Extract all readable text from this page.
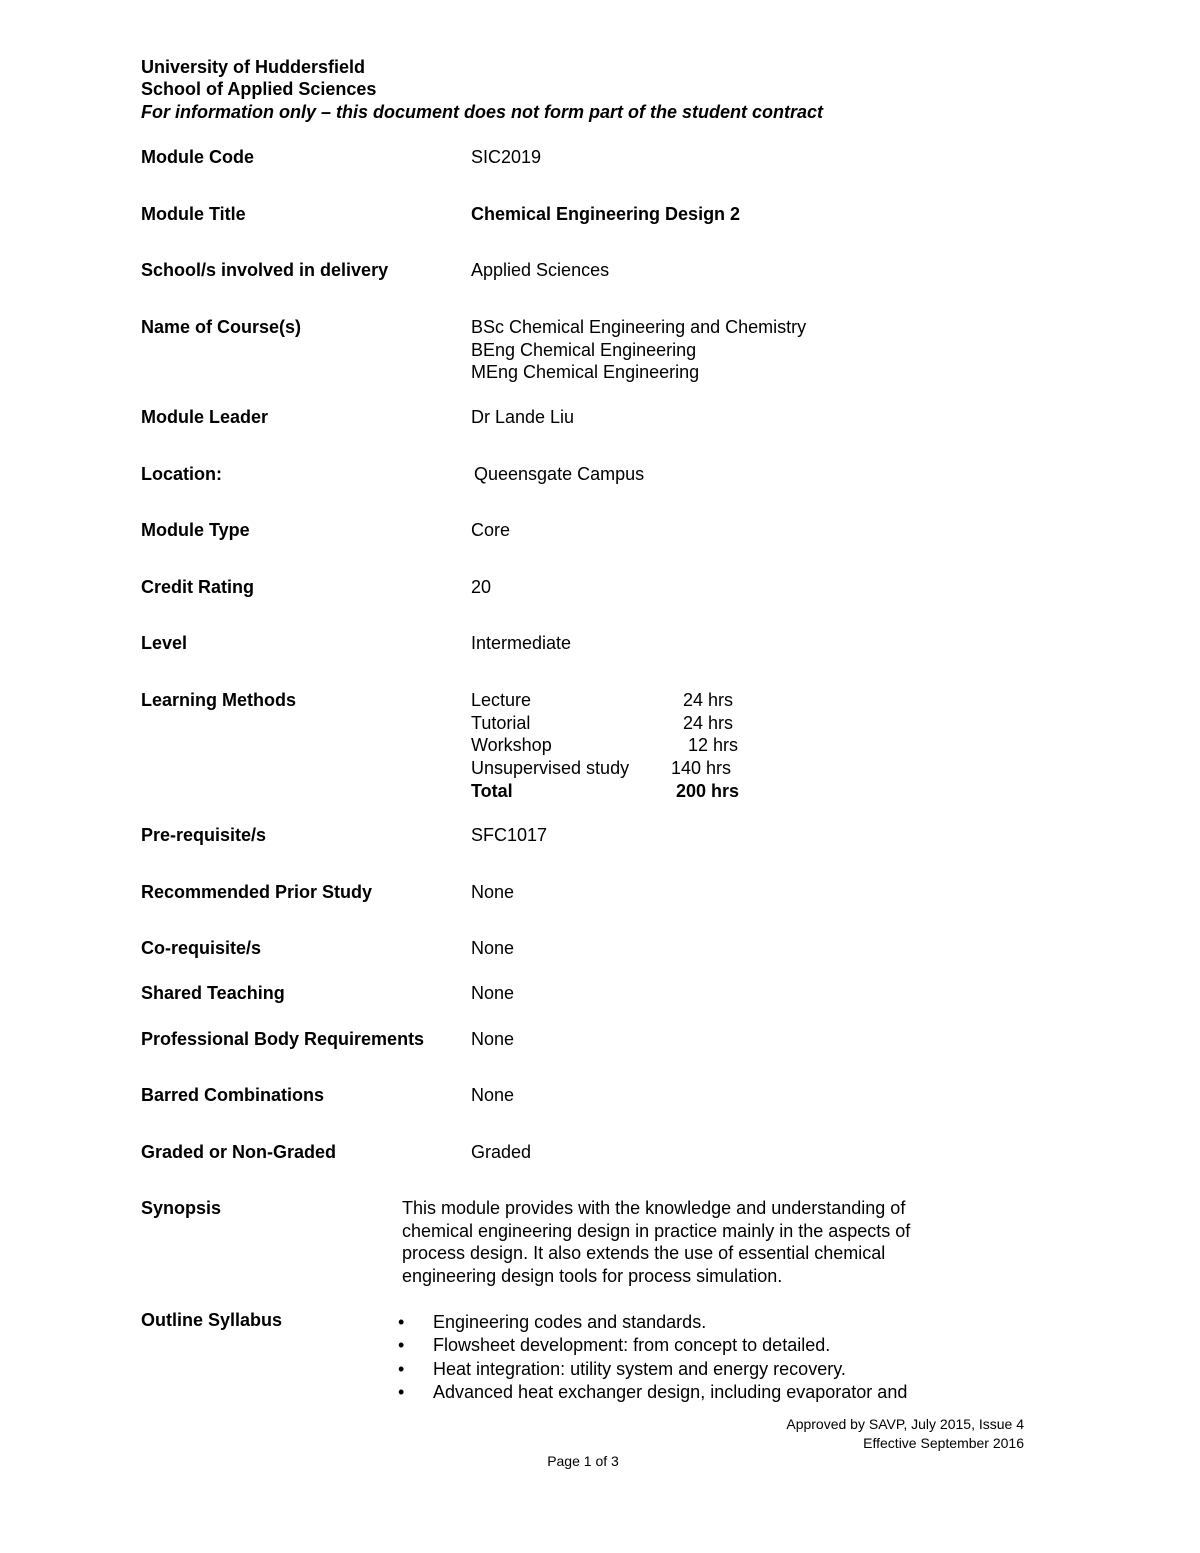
University of Huddersfield
School of Applied Sciences
For information only – this document does not form part of the student contract
Module Code	SIC2019
Module Title	Chemical Engineering Design 2
School/s involved in delivery	Applied Sciences
Name of Course(s)	BSc Chemical Engineering and Chemistry
BEng Chemical Engineering
MEng Chemical Engineering
Module Leader	Dr Lande Liu
Location:	Queensgate Campus
Module Type	Core
Credit Rating	20
Level	Intermediate
Learning Methods	Lecture	24 hrs
Tutorial	24 hrs
Workshop	12 hrs
Unsupervised study 140 hrs
Total	200 hrs
Pre-requisite/s	SFC1017
Recommended Prior Study	None
Co-requisite/s	None
Shared Teaching	None
Professional Body Requirements	None
Barred Combinations	None
Graded or Non-Graded	Graded
Synopsis	This module provides with the knowledge and understanding of
chemical engineering design in practice mainly in the aspects of
process design. It also extends the use of essential chemical
engineering design tools for process simulation.
Outline Syllabus	• Engineering codes and standards.
• Flowsheet development: from concept to detailed.
• Heat integration: utility system and energy recovery.
• Advanced heat exchanger design, including evaporator and
Approved by SAVP, July 2015, Issue 4
Effective September 2016
Page 1 of 3
